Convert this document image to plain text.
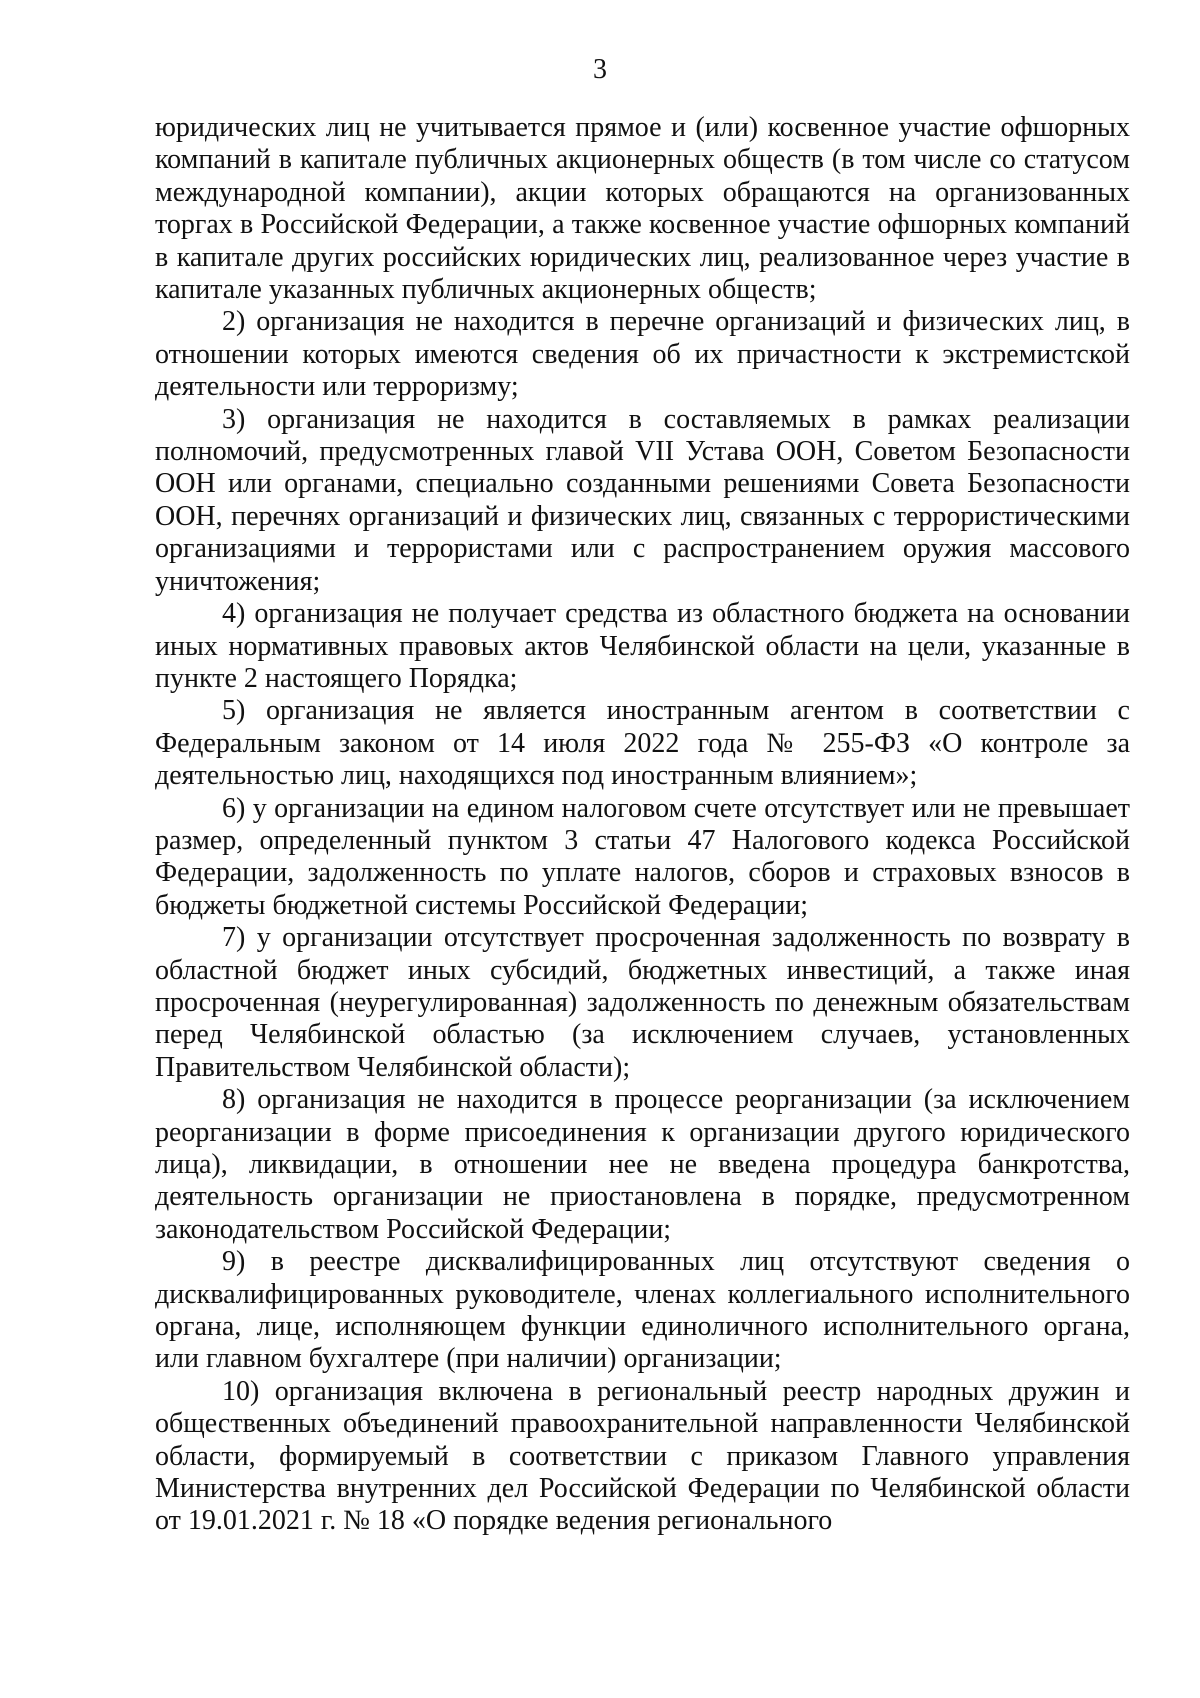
3

юридических лиц не учитывается прямое и (или) косвенное участие офшорных компаний в капитале публичных акционерных обществ (в том числе со статусом международной компании), акции которых обращаются на организованных торгах в Российской Федерации, а также косвенное участие офшорных компаний в капитале других российских юридических лиц, реализованное через участие в капитале указанных публичных акционерных обществ;

2) организация не находится в перечне организаций и физических лиц, в отношении которых имеются сведения об их причастности к экстремистской деятельности или терроризму;

3) организация не находится в составляемых в рамках реализации полномочий, предусмотренных главой VII Устава ООН, Советом Безопасности ООН или органами, специально созданными решениями Совета Безопасности ООН, перечнях организаций и физических лиц, связанных с террористическими организациями и террористами или с распространением оружия массового уничтожения;

4) организация не получает средства из областного бюджета на основании иных нормативных правовых актов Челябинской области на цели, указанные в пункте 2 настоящего Порядка;

5) организация не является иностранным агентом в соответствии с Федеральным законом от 14 июля 2022 года № 255-ФЗ «О контроле за деятельностью лиц, находящихся под иностранным влиянием»;

6) у организации на едином налоговом счете отсутствует или не превышает размер, определенный пунктом 3 статьи 47 Налогового кодекса Российской Федерации, задолженность по уплате налогов, сборов и страховых взносов в бюджеты бюджетной системы Российской Федерации;

7) у организации отсутствует просроченная задолженность по возврату в областной бюджет иных субсидий, бюджетных инвестиций, а также иная просроченная (неурегулированная) задолженность по денежным обязательствам перед Челябинской областью (за исключением случаев, установленных Правительством Челябинской области);

8) организация не находится в процессе реорганизации (за исключением реорганизации в форме присоединения к организации другого юридического лица), ликвидации, в отношении нее не введена процедура банкротства, деятельность организации не приостановлена в порядке, предусмотренном законодательством Российской Федерации;

9) в реестре дисквалифицированных лиц отсутствуют сведения о дисквалифицированных руководителе, членах коллегиального исполнительного органа, лице, исполняющем функции единоличного исполнительного органа, или главном бухгалтере (при наличии) организации;

10) организация включена в региональный реестр народных дружин и общественных объединений правоохранительной направленности Челябинской области, формируемый в соответствии с приказом Главного управления Министерства внутренних дел Российской Федерации по Челябинской области от 19.01.2021 г. № 18 «О порядке ведения регионального
